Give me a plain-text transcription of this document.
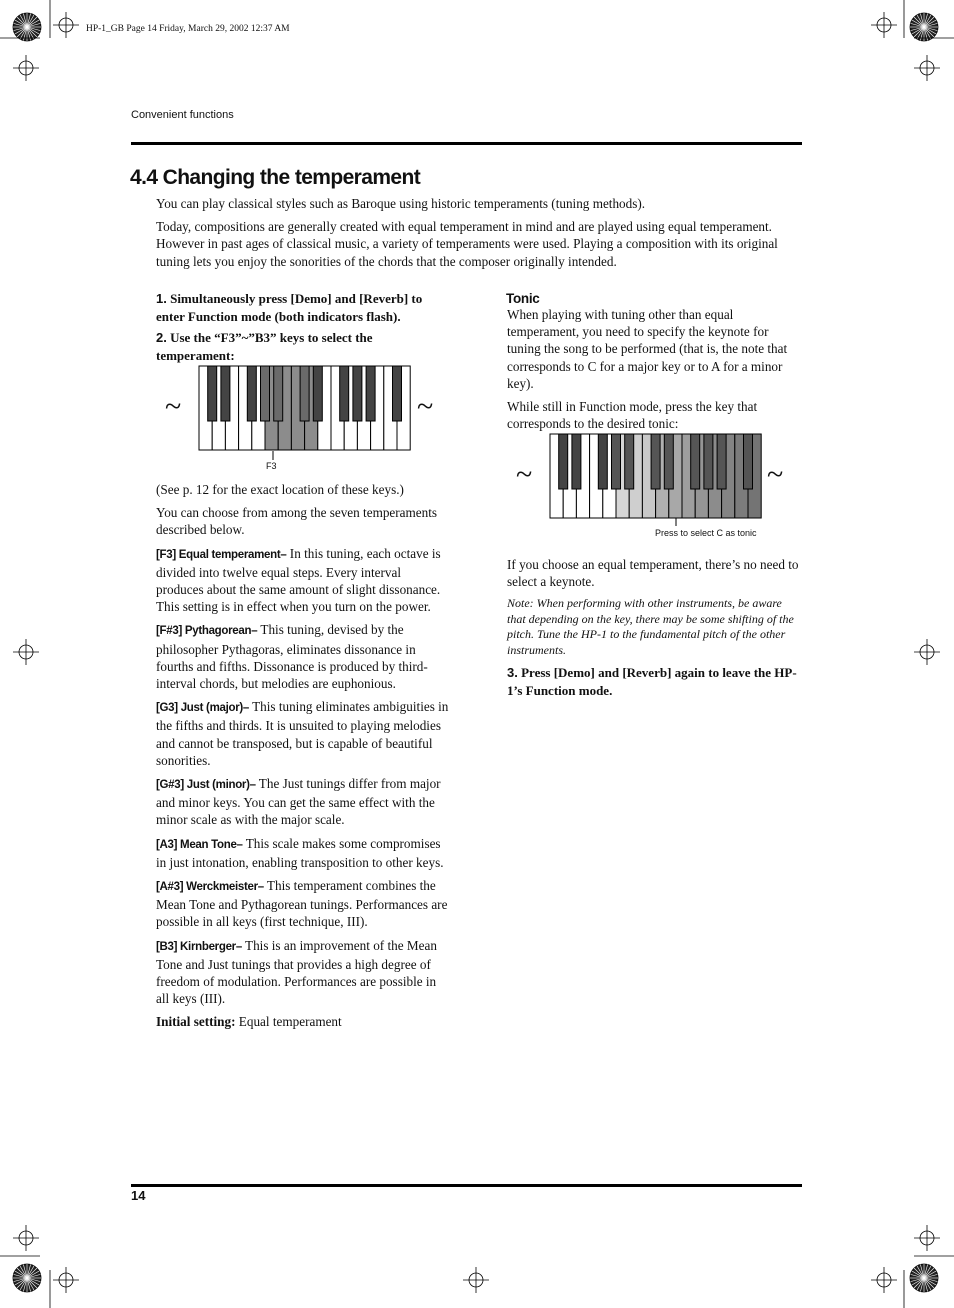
HP-1_GB Page 14 Friday, March 29, 2002 12:37 AM
Convenient functions
4.4 Changing the temperament

You can play classical styles such as Baroque using historic temperaments (tuning methods).

Today, compositions are generally created with equal temperament in mind and are played using equal temperament. However in past ages of classical music, a variety of temperaments were used. Playing a composition with its original tuning lets you enjoy the sonorities of the chords that the composer originally intended.

1. Simultaneously press [Demo] and [Reverb] to enter Function mode (both indicators flash).

2. Use the “F3”~”B3” keys to select the temperament:

~	~
F3

(See p. 12 for the exact location of these keys.)

You can choose from among the seven temperaments described below.

[F3] Equal temperament– In this tuning, each octave is divided into twelve equal steps. Every interval produces about the same amount of slight dissonance. This setting is in effect when you turn on the power.

[F#3] Pythagorean– This tuning, devised by the philosopher Pythagoras, eliminates dissonance in fourths and fifths. Dissonance is produced by third-interval chords, but melodies are euphonious.

[G3] Just (major)– This tuning eliminates ambiguities in the fifths and thirds. It is unsuited to playing melodies and cannot be transposed, but is capable of beautiful sonorities.

[G#3] Just (minor)– The Just tunings differ from major and minor keys. You can get the same effect with the minor scale as with the major scale.

[A3] Mean Tone– This scale makes some compromises in just intonation, enabling transposition to other keys.

[A#3] Werckmeister– This temperament combines the Mean Tone and Pythagorean tunings. Performances are possible in all keys (first technique, III).

[B3] Kirnberger– This is an improvement of the Mean Tone and Just tunings that provides a high degree of freedom of modulation. Performances are possible in all keys (III).

Initial setting: Equal temperament

Tonic

When playing with tuning other than equal temperament, you need to specify the keynote for tuning the song to be performed (that is, the note that corresponds to C for a major key or to A for a minor key).

While still in Function mode, press the key that corresponds to the desired tonic:

~	~
Press to select C as tonic

If you choose an equal temperament, there’s no need to select a keynote.

Note: When performing with other instruments, be aware that depending on the key, there may be some shifting of the pitch. Tune the HP-1 to the fundamental pitch of the other instruments.

3. Press [Demo] and [Reverb] again to leave the HP-1’s Function mode.

14
